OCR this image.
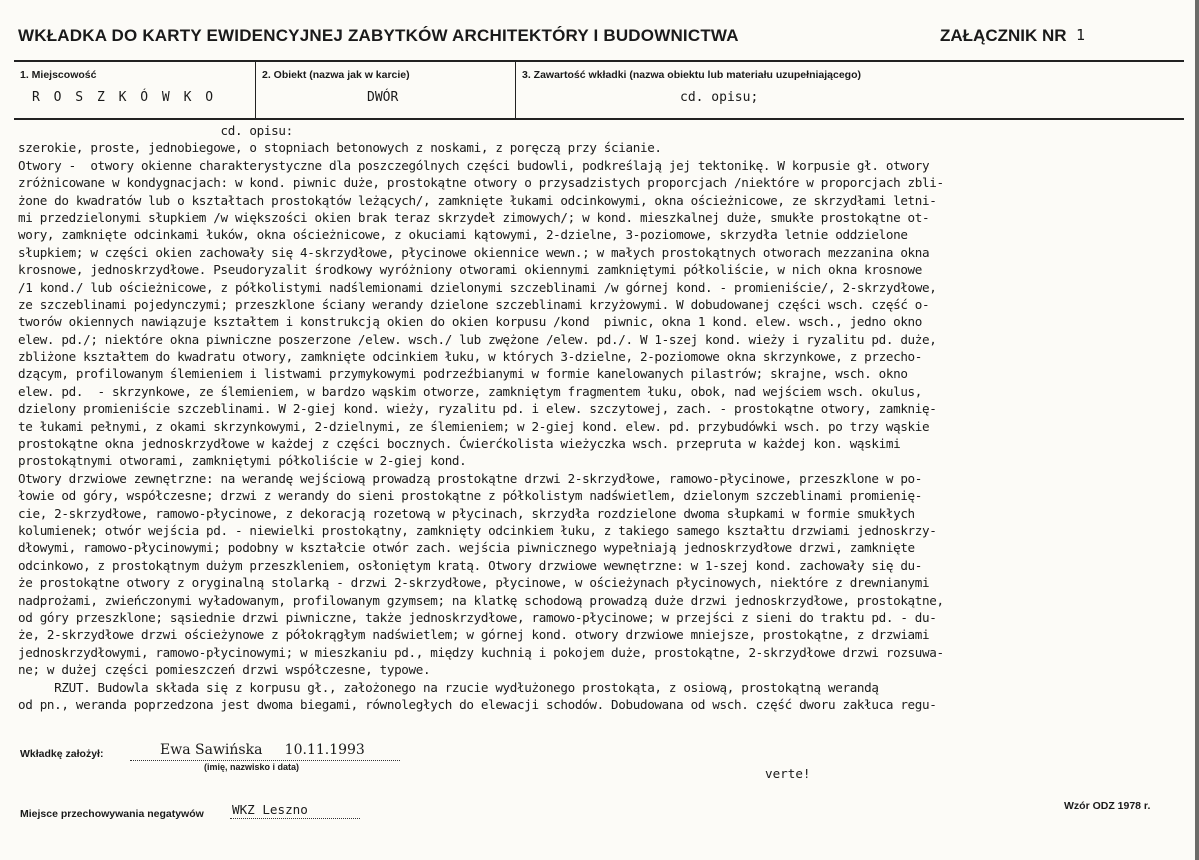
WKŁADKA DO KARTY EWIDENCYJNEJ ZABYTKÓW ARCHITEKTÓRY I BUDOWNICTWA	ZAŁĄCZNIK NR 1
1. Miejscowość
R O S Z K Ó W K O
2. Obiekt (nazwa jak w karcie)
DWÓR
3. Zawartość wkładki (nazwa obiektu lub materiału uzupełniającego)
cd. opisu;
cd. opisu:
szerokie, proste, jednobiegowe, o stopniach betonowych z noskami, z poręczą przy ścianie.
Otwory -  otwory okienne charakterystyczne dla poszczególnych części budowli, podkreślają jej tektonikę. W korpusie gł. otwory
zróżnicowane w kondygnacjach: w kond. piwnic duże, prostokątne otwory o przysadzistych proporcjach /niektóre w proporcjach zbli-
żone do kwadratów lub o kształtach prostokątów leżących/, zamknięte łukami odcinkowymi, okna ościeżnicowe, ze skrzydłami letni-
mi przedzielonymi słupkiem /w większości okien brak teraz skrzydeł zimowych/; w kond. mieszkalnej duże, smukłe prostokątne ot-
wory, zamknięte odcinkami łuków, okna ościeżnicowe, z okuciami kątowymi, 2-dzielne, 3-poziomowe, skrzydła letnie oddzielone
słupkiem; w części okien zachowały się 4-skrzydłowe, płycinowe okiennice wewn.; w małych prostokątnych otworach mezzanina okna
krosnowe, jednoskrzydłowe. Pseudoryzalit środkowy wyróżniony otworami okiennymi zamkniętymi półkoliście, w nich okna krosnowe
/1 kond./ lub ościeżnicowe, z półkolistymi nadślemionami dzielonymi szczeblinami /w górnej kond. - promieniście/, 2-skrzydłowe,
ze szczeblinami pojedynczymi; przeszklone ściany werandy dzielone szczeblinami krzyżowymi. W dobudowanej części wsch. część o-
tworów okiennych nawiązuje kształtem i konstrukcją okien do okien korpusu /kond  piwnic, okna 1 kond. elew. wsch., jedno okno
elew. pd./; niektóre okna piwniczne poszerzone /elew. wsch./ lub zwężone /elew. pd./. W 1-szej kond. wieży i ryzalitu pd. duże,
zbliżone kształtem do kwadratu otwory, zamknięte odcinkiem łuku, w których 3-dzielne, 2-poziomowe okna skrzynkowe, z przecho-
dzącym, profilowanym ślemieniem i listwami przymykowymi podrzeźbianymi w formie kanelowanych pilastrów; skrajne, wsch. okno
elew. pd.  - skrzynkowe, ze ślemieniem, w bardzo wąskim otworze, zamkniętym fragmentem łuku, obok, nad wejściem wsch. okulus,
dzielony promieniście szczeblinami. W 2-giej kond. wieży, ryzalitu pd. i elew. szczytowej, zach. - prostokątne otwory, zamknię-
te łukami pełnymi, z okami skrzynkowymi, 2-dzielnymi, ze ślemieniem; w 2-giej kond. elew. pd. przybudówki wsch. po trzy wąskie
prostokątne okna jednoskrzydłowe w każdej z części bocznych. Ćwierćkolista wieżyczka wsch. przepruta w każdej kon. wąskimi
prostokątnymi otworami, zamkniętymi półkoliście w 2-giej kond.
Otwory drzwiowe zewnętrzne: na werandę wejściową prowadzą prostokątne drzwi 2-skrzydłowe, ramowo-płycinowe, przeszklone w po-
łowie od góry, współczesne; drzwi z werandy do sieni prostokątne z półkolistym nadświetlem, dzielonym szczeblinami promienię-
cie, 2-skrzydłowe, ramowo-płycinowe, z dekoracją rozetową w płycinach, skrzydła rozdzielone dwoma słupkami w formie smukłych
kolumienek; otwór wejścia pd. - niewielki prostokątny, zamknięty odcinkiem łuku, z takiego samego kształtu drzwiami jednoskrzy-
dłowymi, ramowo-płycinowymi; podobny w kształcie otwór zach. wejścia piwnicznego wypełniają jednoskrzydłowe drzwi, zamknięte
odcinkowo, z prostokątnym dużym przeszkleniem, osłoniętym kratą. Otwory drzwiowe wewnętrzne: w 1-szej kond. zachowały się du-
że prostokątne otwory z oryginalną stolarką - drzwi 2-skrzydłowe, płycinowe, w ościeżynach płycinowych, niektóre z drewnianymi
nadprożami, zwieńczonymi wyładowanym, profilowanym gzymsem; na klatkę schodową prowadzą duże drzwi jednoskrzydłowe, prostokątne,
od góry przeszklone; sąsiednie drzwi piwniczne, także jednoskrzydłowe, ramowo-płycinowe; w przejści z sieni do traktu pd. - du-
że, 2-skrzydłowe drzwi ościeżynowe z półokrągłym nadświetlem; w górnej kond. otwory drzwiowe mniejsze, prostokątne, z drzwiami
jednoskrzydłowymi, ramowo-płycinowymi; w mieszkaniu pd., między kuchnią i pokojem duże, prostokątne, 2-skrzydłowe drzwi rozsuwa-
ne; w dużej części pomieszczeń drzwi współczesne, typowe.
RZUT. Budowla składa się z korpusu gł., założonego na rzucie wydłużonego prostokąta, z osiową, prostokątną werandą
od pn., weranda poprzedzona jest dwoma biegami, równoległych do elewacji schodów. Dobudowana od wsch. część dworu zakłuca regu-
Wkładkę założył:	Ewa Sawińska     10.11.1993
(imię, nazwisko i data)	verte!
Miejsce przechowywania negatywów WKZ Leszno	Wzór ODZ 1978 r.
